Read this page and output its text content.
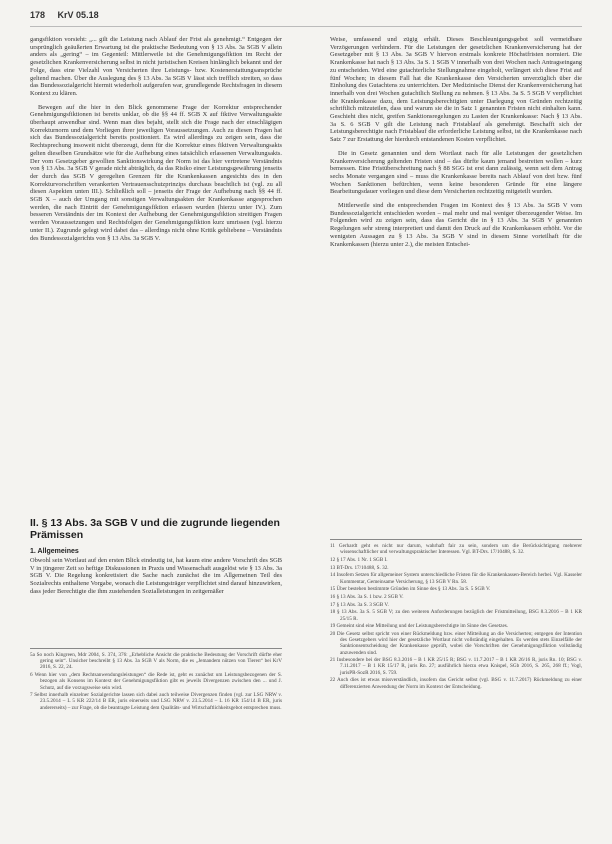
178 KrV 05.18

gangsfiktion vorsieht: „... gilt die Leistung nach Ablauf der Frist als genehmigt.“ Entgegen der ursprünglich geäußerten Erwartung ist die praktische Bedeutung von § 13 Abs. 3a SGB V allein anders als „gering“ – im Gegenteil: Mittlerweile ist die Genehmigungsfiktion im Recht der gesetzlichen Krankenversicherung selbst in nicht juristischen Kreisen hinlänglich bekannt und der Folge, dass eine Vielzahl von Versicherten ihre Leistungs- bzw. Kostenerstattungsansprüche geltend machen. Über die Auslegung des § 13 Abs. 3a SGB V lässt sich trefflich streiten, so dass das Bundessozialgericht hiermit wiederholt aufgerufen war, grundlegende Rechtsfragen in diesem Kontext zu klären.

Bewegen auf die hier in den Blick genommene Frage der Korrektur entsprechender Genehmigungsfiktionen ist bereits unklar, ob die §§ 44 ff. SGB X auf fiktive Verwaltungsakte überhaupt anwendbar sind. Wenn man dies bejaht, stellt sich die Frage nach der einschlägigen Korrekturnorm und dem Vorliegen ihrer jeweiligen Voraussetzungen. Auch zu diesen Fragen hat sich das Bundessozialgericht bereits positioniert. Es wird allerdings zu zeigen sein, dass die Rechtsprechung insoweit nicht überzeugt, denn für die Korrektur eines fiktiven Verwaltungsakts gelten dieselben Grundsätze wie für die Aufhebung eines tatsächlich erlassenen Verwaltungsakts. Der vom Gesetzgeber gewollten Sanktionswirkung der Norm ist das hier vertretene Verständnis von § 13 Abs. 3a SGB V gerade nicht abträglich, da das Risiko einer Leistungsgewährung jenseits der durch das SGB V geregelten Grenzen für die Krankenkassen angesichts des in den Korrekturvorschriften verankerten Vertrauensschutzprinzips durchaus beachtlich ist (vgl. zu all diesen Aspekten unten III.). Schließlich soll – jenseits der Frage der Aufhebung nach §§ 44 ff. SGB X – auch der Umgang mit sonstigen Verwaltungsakten der Krankenkasse angesprochen werden, die nach Eintritt der Genehmigungsfiktion erlassen wurden (hierzu unter IV.). Zum besseren Verständnis der im Kontext der Aufhebung der Genehmigungsfiktion streitigen Fragen werden Voraussetzungen und Rechtsfolgen der Genehmigungsfiktion kurz umrissen (vgl. hierzu unter II.). Zugrunde gelegt wird dabei das – allerdings nicht ohne Kritik gebliebene – Verständnis des Bundessozialgerichts von § 13 Abs. 3a SGB V.

II. § 13 Abs. 3a SGB V und die zugrunde liegenden Prämissen
1. Allgemeines

Obwohl sein Wortlaut auf den ersten Blick eindeutig ist, hat kaum eine andere Vorschrift des SGB V in jüngerer Zeit so heftige Diskussionen in Praxis und Wissenschaft ausgelöst wie § 13 Abs. 3a SGB V. Die Regelung konkretisiert die Sache nach zunächst die im Allgemeinen Teil des Sozialrechts enthaltene Vorgabe, wonach die Leistungsträger verpflichtet sind darauf hinzuwirken, dass jeder Berechtigte die ihm zustehenden Sozialleistungen in zeitgemäßer

5a So noch Kingreen, Mdr 2004, S. 374, 376: „Erhebliche Ansicht die praktische Bedeutung der Vorschrift dürfte eher gering sein“. Unsicher beschreibt § 13 Abs. 3a SGB V als Norm, die es „Jemandem nützen von Tieren“ bei KrV 2016, S. 22, 24.
6 Wenn hier von „dem Rechtsanwendungsleistungen“ die Rede ist, geht es zunächst um Leistungsbezogenen der S. bezogen als Konsens im Kontext der Genehmigungsfiktion gibt es jeweils Divergenzen zwischen den ... und J. Schutz, auf die vorzugsweise sein wird.
7 Selbst innerhalb einzelner Sozialgerichte lassen sich dabei auch teilweise Divergenzen finden (vgl. zur LSG NRW v. 23.5.2014 – L 5 KR 222/14 B ER, juris einerseits und LSG NRW v. 23.5.2014 – L 16 KR 154/14 B ER, juris andererseits) – zur Frage, ob die beantragte Leistung dem Qualitäts- und Wirtschaftlichkeitsgebot entsprechen muss.

Weise, umfassend und zügig erhält. Dieses Beschleunigungsgebot soll vermeidbare Verzögerungen verhindern. Für die Leistungen der gesetzlichen Krankenversicherung hat der Gesetzgeber mit § 13 Abs. 3a SGB V hiervon erstmals konkrete Höchstfristen normiert. Die Krankenkasse hat nach § 13 Abs. 3a S. 1 SGB V innerhalb von drei Wochen nach Antragseingang zu entscheiden. Wird eine gutachterliche Stellungnahme eingeholt, verlängert sich diese Frist auf fünf Wochen; in diesem Fall hat die Krankenkasse den Versicherten unverzüglich über die Einholung des Gutachtens zu unterrichten. Der Medizinische Dienst der Krankenversicherung hat innerhalb von drei Wochen gutachtlich Stellung zu nehmen. § 13 Abs. 3a S. 5 SGB V verpflichtet die Krankenkasse dazu, dem Leistungsberechtigten unter Darlegung von Gründen rechtzeitig schriftlich mitzuteilen, dass und warum sie die in Satz 1 genannten Fristen nicht einhalten kann. Geschieht dies nicht, greifen Sanktionsregelungen zu Lasten der Krankenkasse: Nach § 13 Abs. 3a S. 6 SGB V gilt die Leistung nach Fristablauf als genehmigt. Beschafft sich der Leistungsberechtigte nach Fristablauf die erforderliche Leistung selbst, ist die Krankenkasse nach Satz 7 zur Erstattung der hierdurch entstandenen Kosten verpflichtet.

Die in Gesetz genannten und dem Wortlaut nach für alle Leistungen der gesetzlichen Krankenversicherung geltenden Fristen sind – das dürfte kaum jemand bestreiten wollen – kurz bemessen. Eine Fristüberschreitung nach § 88 SGG ist erst dann zulässig, wenn seit dem Antrag sechs Monate vergangen sind – muss die Krankenkasse bereits nach Ablauf von drei bzw. fünf Wochen Sanktionen befürchten, wenn keine besonderen Gründe für eine längere Bearbeitungsdauer vorliegen und diese dem Versicherten rechtzeitig mitgeteilt wurden.

Mittlerweile sind die entsprechenden Fragen im Kontext des § 13 Abs. 3a SGB V vom Bundessozialgericht entschieden worden – mal mehr und mal weniger überzeugender Weise. Im Folgenden wird zu zeigen sein, dass das Gericht die in § 13 Abs. 3a SGB V genannten Regelungen sehr streng interpretiert und damit den Druck auf die Krankenkassen erhöht. Vor die wenigsten Aussagen zu § 13 Abs. 3a SGB V sind in diesem Sinne vorteilhaft für die Krankenkassen (hierzu unter 2.), die meisten Entschei-

11 Gerhardt geht es nicht nur darum, wahrhaft fair zu sein, sondern um die Berücksichtigung mehrerer wissenschaftlicher und verwaltungspraktischer Interessen. Vgl. BT-Drs. 17/10488, S. 32.
12 § 17 Abs. 1 Nr. 1 SGB I.
13 BT-Drs. 17/10488, S. 32.
14 Insofern Setzen für allgemeiner System unterschiedliche Fristen für die Krankenkassen-Bereich herbei. Vgl. Kasseler Kommentar, Gemeinsame Versicherung, § 13 SGB V Rn. 58.
15 Über bestehen bestimmte Gründen im Sinne des § 13 Abs. 3a S. 5 SGB V.
16 § 13 Abs. 3a S. 1 bzw. 2 SGB V.
17 § 13 Abs. 3a S. 3 SGB V.
18 § 13 Abs. 3a S. 5 SGB V; zu den weiteren Anforderungen bezüglich der Fristmitteilung, BSG 8.3.2016 – B 1 KR 25/15 R.
19 Gemeint sind eine Mitteilung und der Leistungsberechtigte im Sinne des Gesetzes.
20 Die Gesetz selbst spricht von einer Rückmeldung bzw. einer Mitteilung an die Versicherten; entgegen der Intention des Gesetzgebers wird hier der gesetzliche Wortlaut nicht vollständig eingehalten. Es werden stets Einzelfälle der Sanktionsentscheidung der Krankenkasse geprüft, wobei die Vorschriften der Genehmigungsfiktion vollständig anzuwenden sind.
21 Insbesondere bei der BSG 8.3.2016 – B 1 KR 25/15 R; BSG v. 11.7.2017 – B 1 KR 26/16 R, juris Rn. 10; BSG v. 7.11.2017 – B 1 KR 15/17 R, juris Rn. 27; ausführlich hierzu etwa Knispel, SGb 2016, S. 265, 268 ff.; Vogl, jurisPR-SozR 2016, S. 759.
22 Auch dies ist etwas missverständlich, insofern das Gericht selbst (vgl. BSG v. 11.7.2017) Rückmeldung zu einer differenzierten Anwendung der Norm im Kontext der Entscheidung.
